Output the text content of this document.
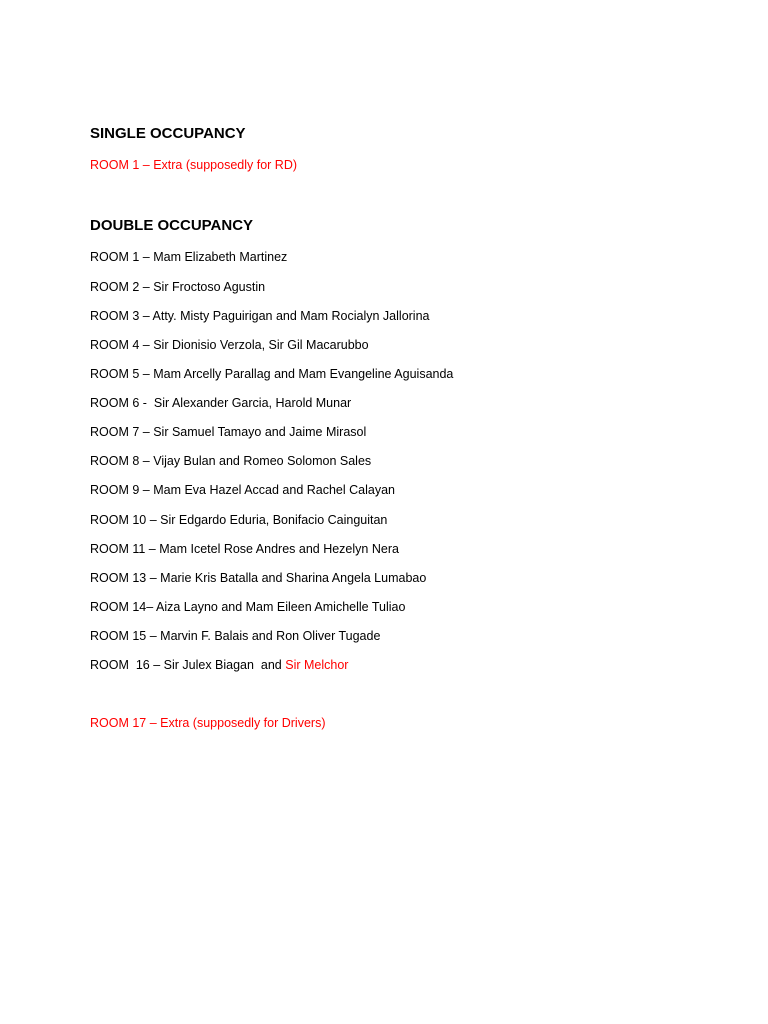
SINGLE OCCUPANCY
ROOM 1 – Extra (supposedly for RD)
DOUBLE OCCUPANCY
ROOM 1 – Mam Elizabeth Martinez
ROOM 2 – Sir Froctoso Agustin
ROOM 3 – Atty. Misty Paguirigan and Mam Rocialyn Jallorina
ROOM 4 – Sir Dionisio Verzola, Sir Gil Macarubbo
ROOM 5 – Mam Arcelly Parallag and Mam Evangeline Aguisanda
ROOM 6 -  Sir Alexander Garcia, Harold Munar
ROOM 7 – Sir Samuel Tamayo and Jaime Mirasol
ROOM 8 – Vijay Bulan and Romeo Solomon Sales
ROOM 9 – Mam Eva Hazel Accad and Rachel Calayan
ROOM 10 – Sir Edgardo Eduria, Bonifacio Cainguitan
ROOM 11 – Mam Icetel Rose Andres and Hezelyn Nera
ROOM 13 – Marie Kris Batalla and Sharina Angela Lumabao
ROOM 14– Aiza Layno and Mam Eileen Amichelle Tuliao
ROOM 15 – Marvin F. Balais and Ron Oliver Tugade
ROOM  16 – Sir Julex Biagan  and Sir Melchor
ROOM 17 – Extra (supposedly for Drivers)
